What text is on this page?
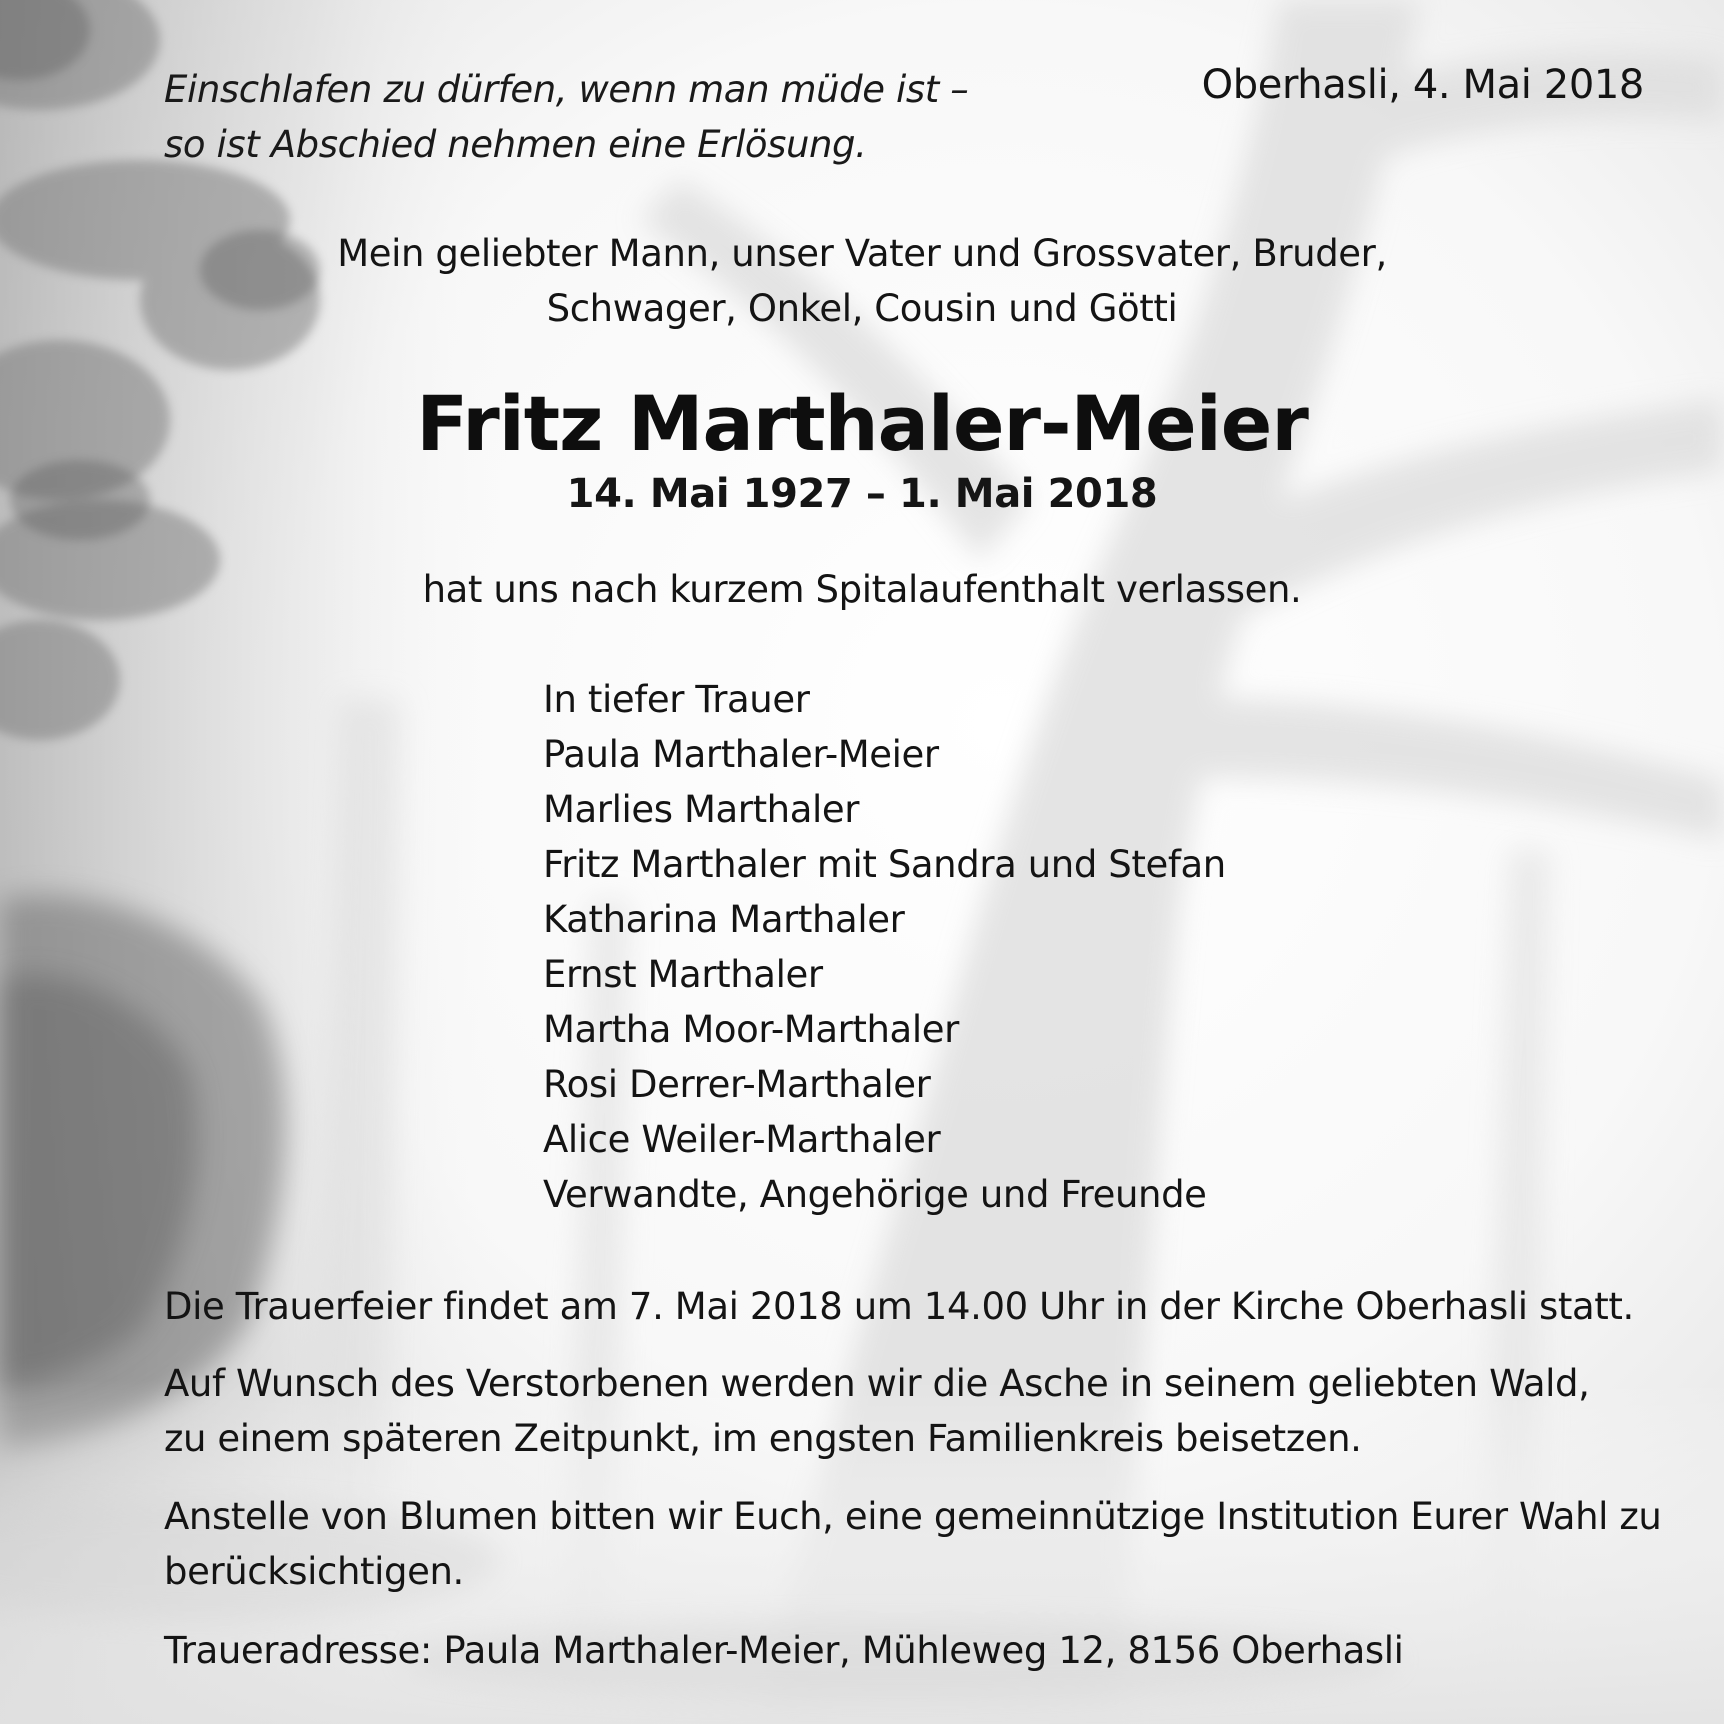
Einschlafen zu dürfen, wenn man müde ist –
so ist Abschied nehmen eine Erlösung.
Oberhasli, 4. Mai 2018
Mein geliebter Mann, unser Vater und Grossvater, Bruder,
Schwager, Onkel, Cousin und Götti
Fritz Marthaler-Meier
14. Mai 1927 – 1. Mai 2018
hat uns nach kurzem Spitalaufenthalt verlassen.
In tiefer Trauer
Paula Marthaler-Meier
Marlies Marthaler
Fritz Marthaler mit Sandra und Stefan
Katharina Marthaler
Ernst Marthaler
Martha Moor-Marthaler
Rosi Derrer-Marthaler
Alice Weiler-Marthaler
Verwandte, Angehörige und Freunde
Die Trauerfeier findet am 7. Mai 2018 um 14.00 Uhr in der Kirche Oberhasli statt.
Auf Wunsch des Verstorbenen werden wir die Asche in seinem geliebten Wald,
zu einem späteren Zeitpunkt, im engsten Familienkreis beisetzen.
Anstelle von Blumen bitten wir Euch, eine gemeinnützige Institution Eurer Wahl zu
berücksichtigen.
Traueradresse: Paula Marthaler-Meier, Mühleweg 12, 8156 Oberhasli
